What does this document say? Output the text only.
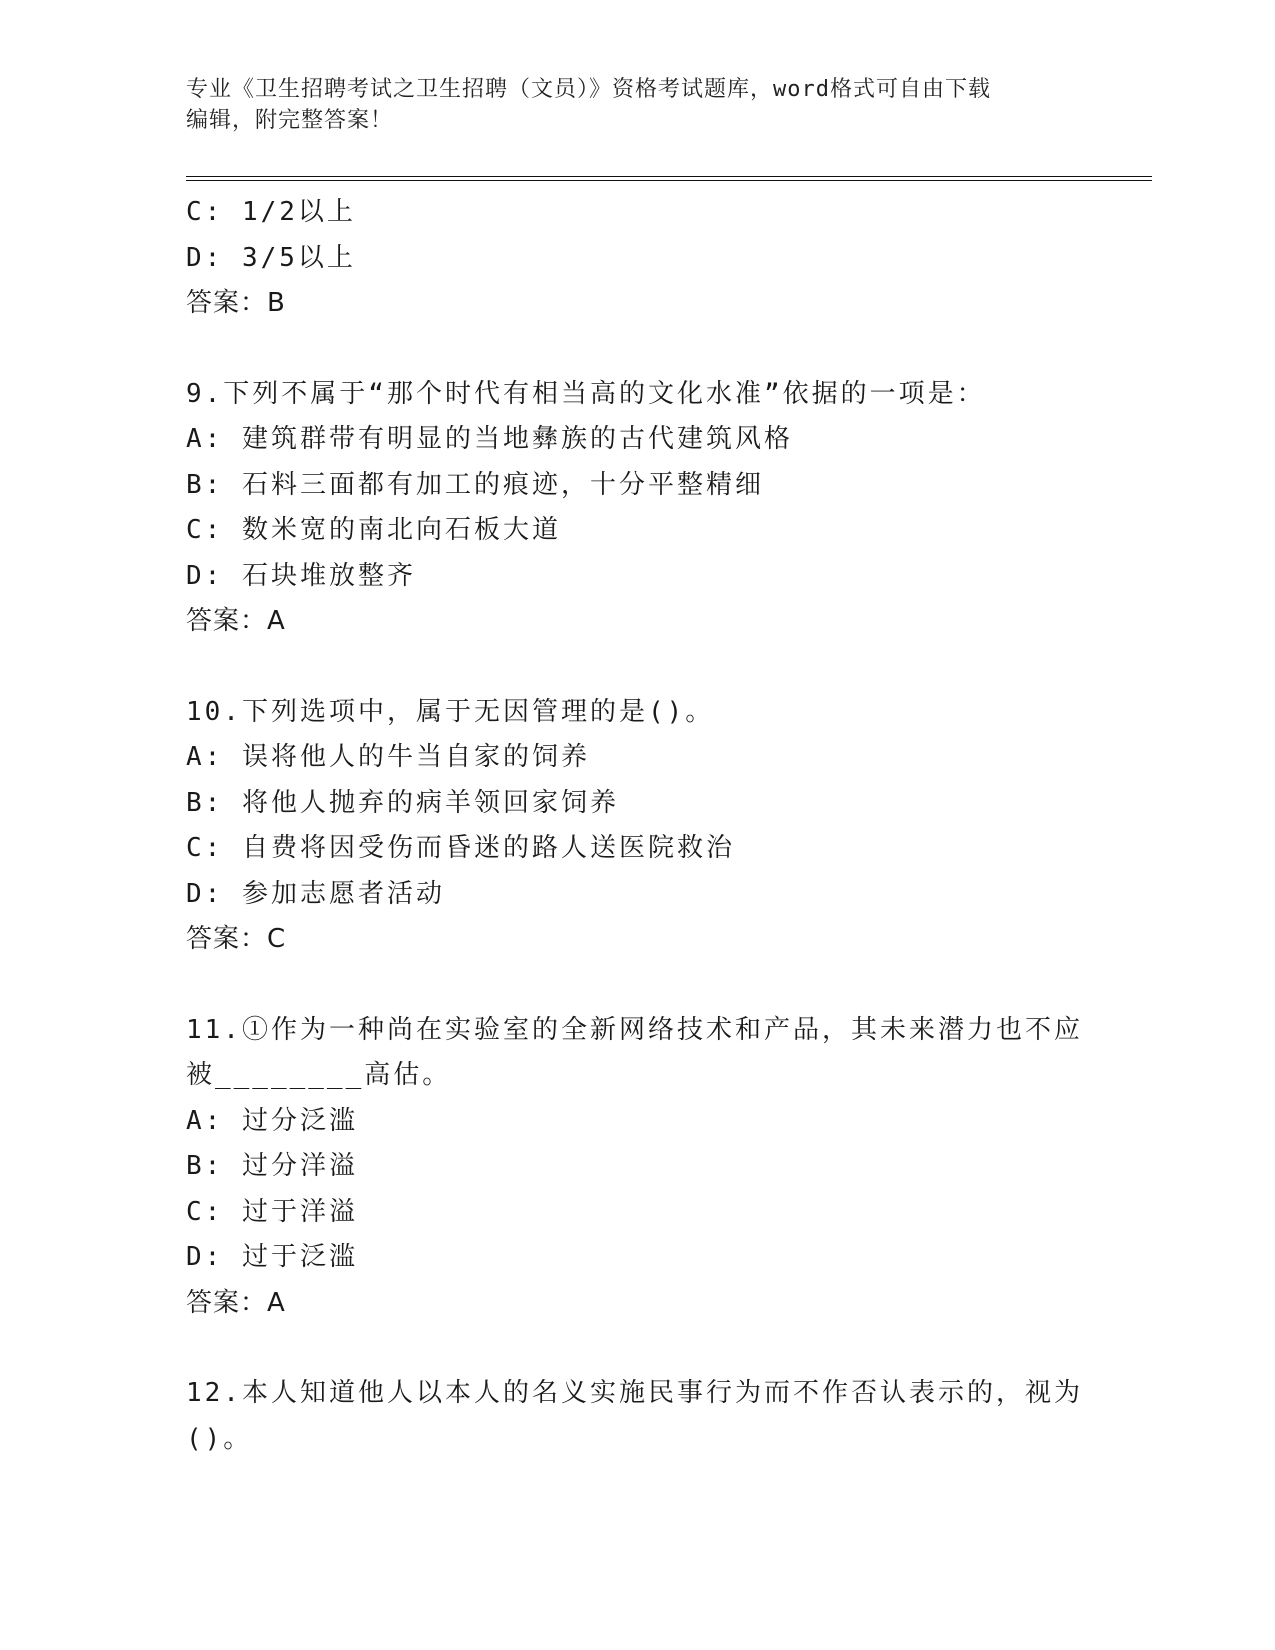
专业《卫生招聘考试之卫生招聘（文员）》资格考试题库，word格式可自由下载
编辑，附完整答案！
C: 1/2以上
D: 3/5以上
答案：B
9.下列不属于“那个时代有相当高的文化水准”依据的一项是：
A: 建筑群带有明显的当地彝族的古代建筑风格
B: 石料三面都有加工的痕迹，十分平整精细
C: 数米宽的南北向石板大道
D: 石块堆放整齐
答案：A
10.下列选项中，属于无因管理的是()。
A: 误将他人的牛当自家的饲养
B: 将他人抛弃的病羊领回家饲养
C: 自费将因受伤而昏迷的路人送医院救治
D: 参加志愿者活动
答案：C
11.①作为一种尚在实验室的全新网络技术和产品，其未来潜力也不应
被________高估。
A: 过分泛滥
B: 过分洋溢
C: 过于洋溢
D: 过于泛滥
答案：A
12.本人知道他人以本人的名义实施民事行为而不作否认表示的，视为
()。
